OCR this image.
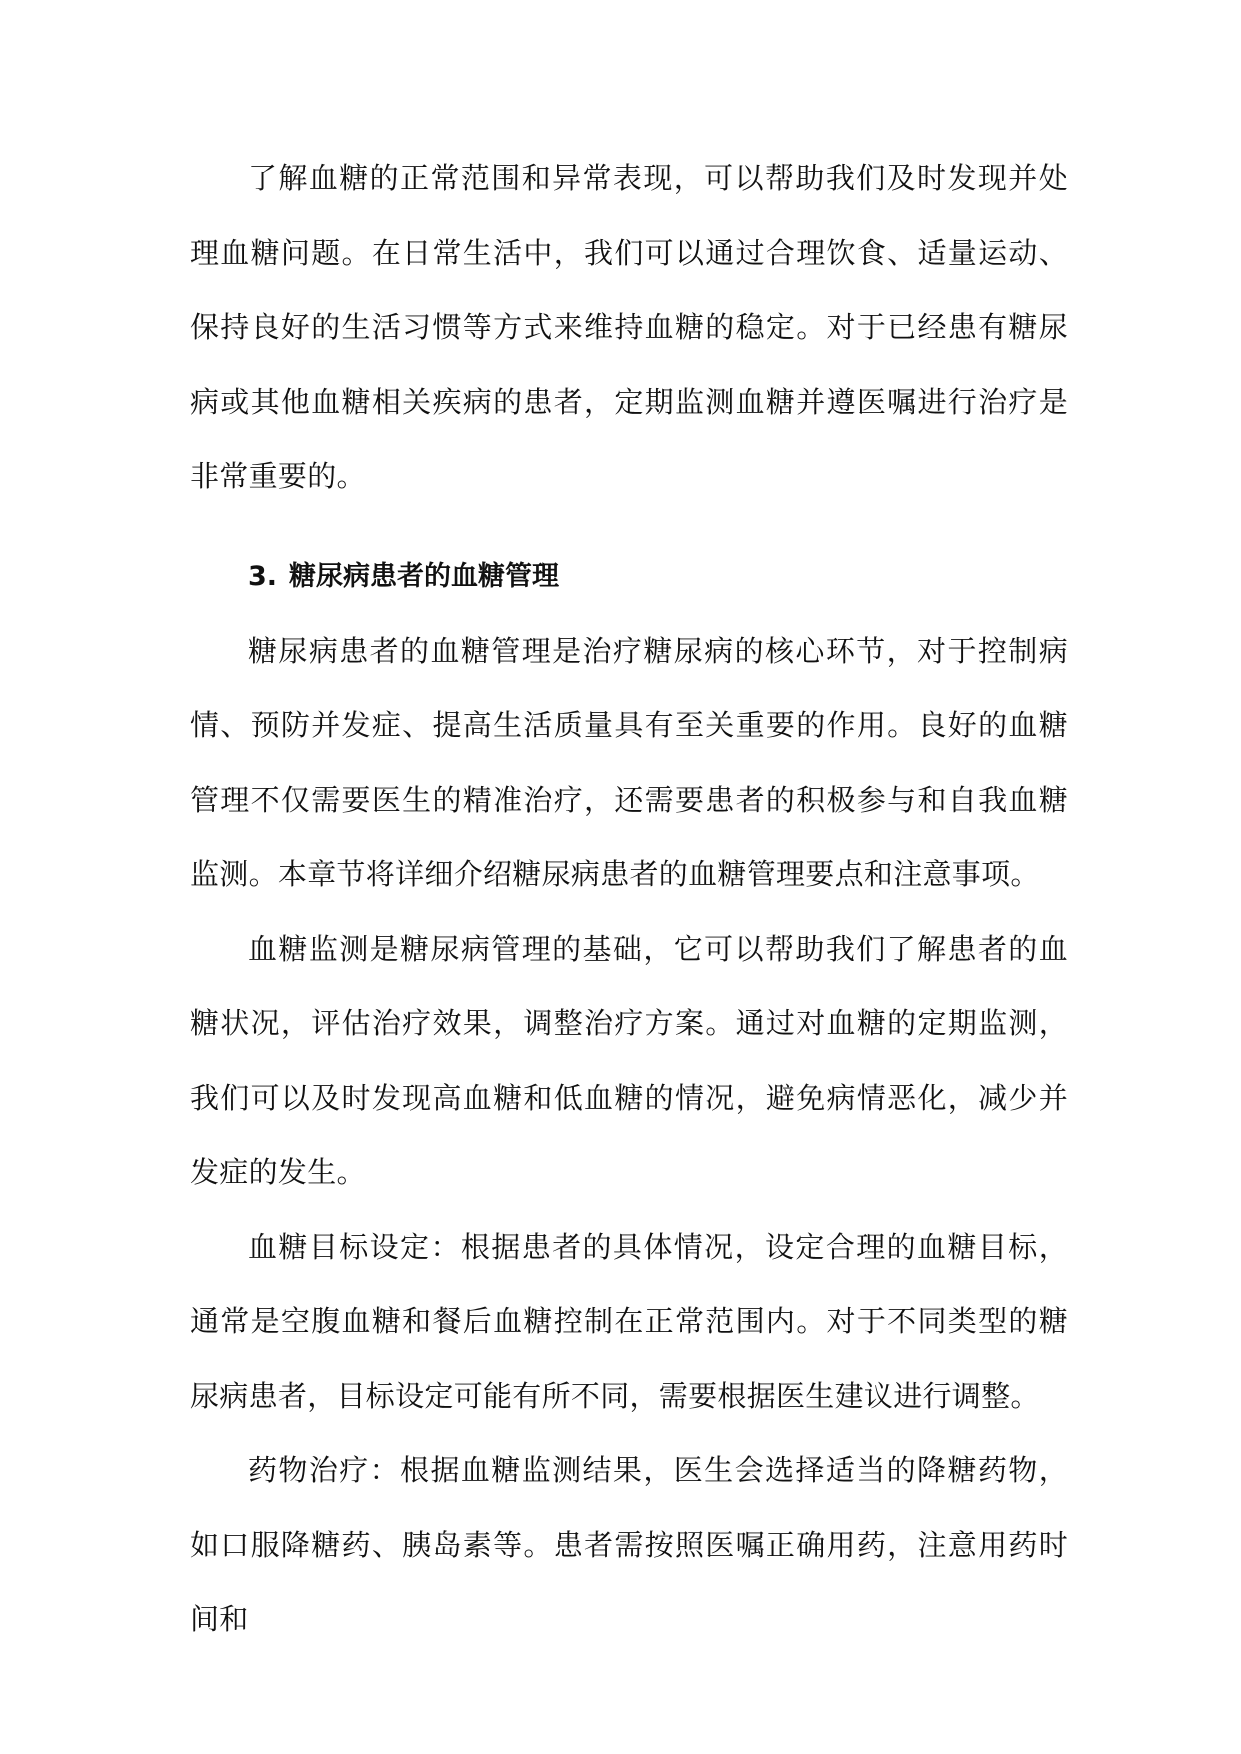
了解血糖的正常范围和异常表现，可以帮助我们及时发现并处理血糖问题。在日常生活中，我们可以通过合理饮食、适量运动、保持良好的生活习惯等方式来维持血糖的稳定。对于已经患有糖尿病或其他血糖相关疾病的患者，定期监测血糖并遵医嘱进行治疗是非常重要的。

3. 糖尿病患者的血糖管理

糖尿病患者的血糖管理是治疗糖尿病的核心环节，对于控制病情、预防并发症、提高生活质量具有至关重要的作用。良好的血糖管理不仅需要医生的精准治疗，还需要患者的积极参与和自我血糖监测。本章节将详细介绍糖尿病患者的血糖管理要点和注意事项。

血糖监测是糖尿病管理的基础，它可以帮助我们了解患者的血糖状况，评估治疗效果，调整治疗方案。通过对血糖的定期监测，我们可以及时发现高血糖和低血糖的情况，避免病情恶化，减少并发症的发生。

血糖目标设定：根据患者的具体情况，设定合理的血糖目标，通常是空腹血糖和餐后血糖控制在正常范围内。对于不同类型的糖尿病患者，目标设定可能有所不同，需要根据医生建议进行调整。

药物治疗：根据血糖监测结果，医生会选择适当的降糖药物，如口服降糖药、胰岛素等。患者需按照医嘱正确用药，注意用药时间和
